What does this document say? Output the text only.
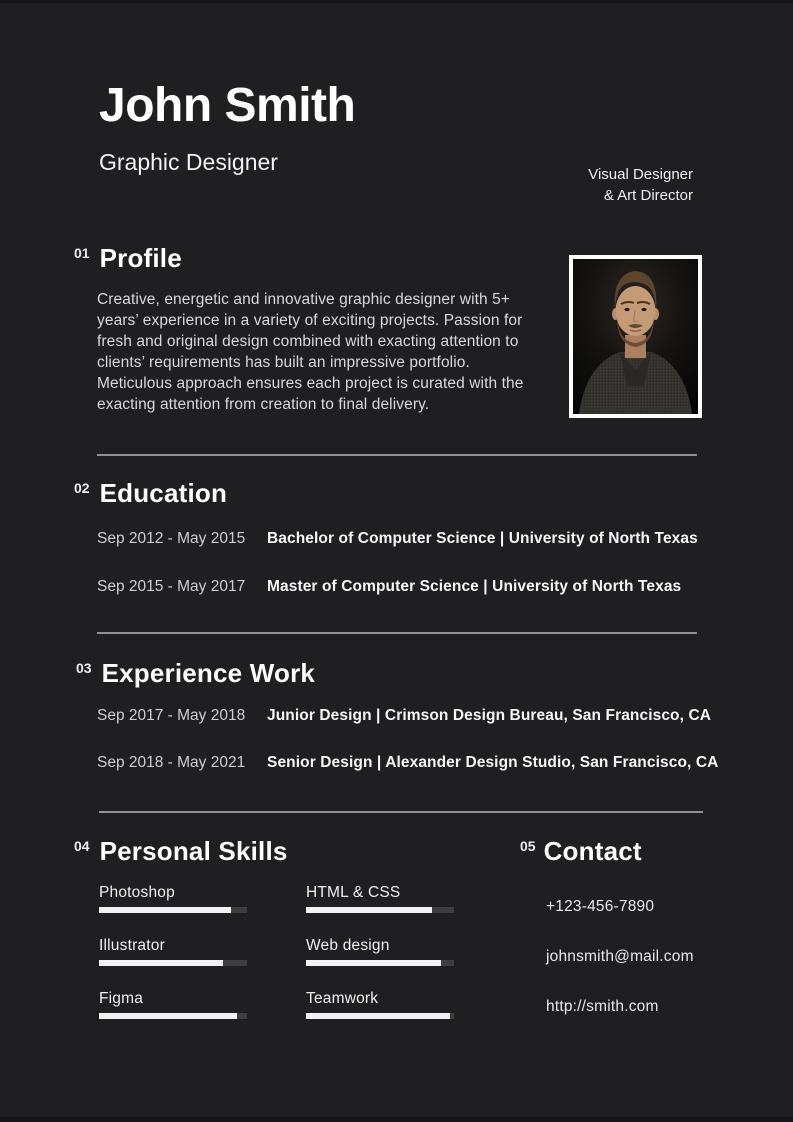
John Smith
Graphic Designer	Visual Designer
& Art Director
01 Profile

Creative, energetic and innovative graphic designer with 5+ years’ experience in a variety of exciting projects. Passion for fresh and original design combined with exacting attention to clients’ requirements has built an impressive portfolio. Meticulous approach ensures each project is curated with the exacting attention from creation to final delivery.

02 Education
Sep 2012 - May 2015 Bachelor of Computer Science | University of North Texas
Sep 2015 - May 2017 Master of Computer Science | University of North Texas
03 Experience Work
Sep 2017 - May 2018 Junior Design | Crimson Design Bureau, San Francisco, CA
Sep 2018 - May 2021 Senior Design | Alexander Design Studio, San Francisco, CA
04 Personal Skills
Photoshop	HTML & CSS
Illustrator	Web design
Figma	Teamwork
05 Contact
+123-456-7890
johnsmith@mail.com
http://smith.com
